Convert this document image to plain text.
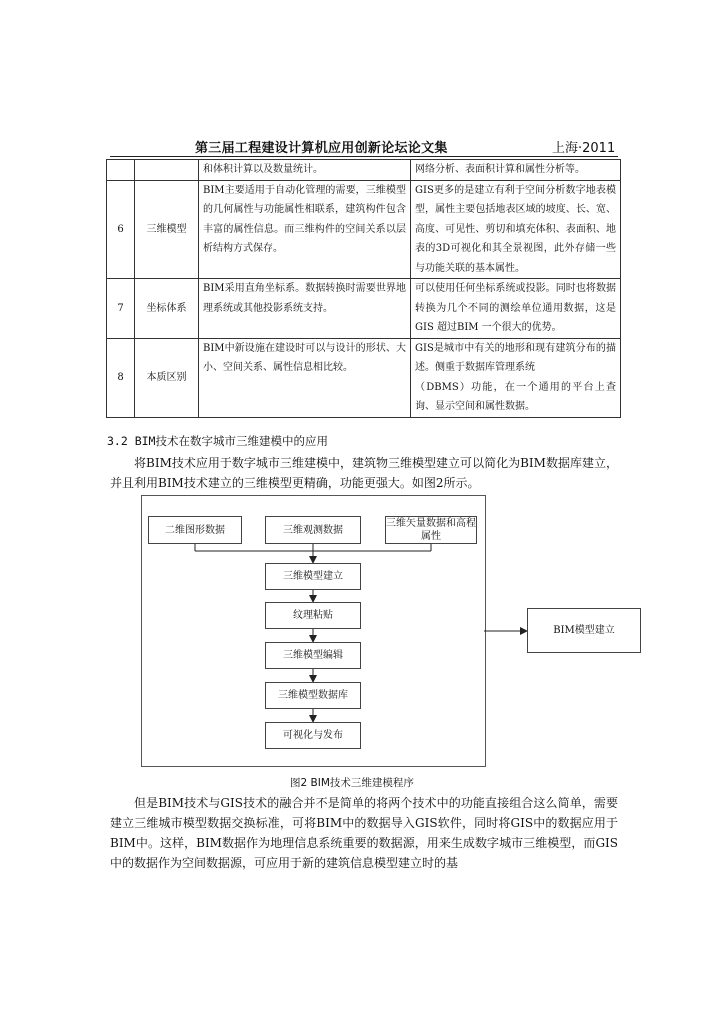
第三届工程建设计算机应用创新论坛论文集	上海·2011

		和体积计算以及数量统计。	网络分析、表面积计算和属性分析等。

6	三维模型	BIM主要适用于自动化管理的需要，三维模型的几何属性与功能属性相联系，建筑构件包含丰富的属性信息。而三维构件的空间关系以层析结构方式保存。	GIS更多的是建立有利于空间分析数字地表模型，属性主要包括地表区域的坡度、长、宽、高度、可见性、剪切和填充体积、表面积、地表的3D可视化和其全景视图，此外存储一些与功能关联的基本属性。

7	坐标体系	BIM采用直角坐标系。数据转换时需要世界地理系统或其他投影系统支持。	可以使用任何坐标系统或投影。同时也将数据转换为几个不同的测绘单位通用数据，这是 GIS 超过BIM 一个很大的优势。

8	本质区别	BIM中新设施在建设时可以与设计的形状、大小、空间关系、属性信息相比较。	GIS是城市中有关的地形和现有建筑分布的描述。侧重于数据库管理系统

（DBMS）功能，在一个通用的平台上查询、显示空间和属性数据。

3.2 BIM技术在数字城市三维建模中的应用

将BIM技术应用于数字城市三维建模中，建筑物三维模型建立可以简化为BIM数据库建立，并且利用BIM技术建立的三维模型更精确，功能更强大。如图2所示。

二维图形数据	三维观测数据
三维矢量数据和高程属性
三维模型建立
纹理粘贴
三维模型编辑
三维模型数据库
可视化与发布
BIM模型建立
图2 BIM技术三维建模程序

但是BIM技术与GIS技术的融合并不是简单的将两个技术中的功能直接组合这么简单，需要建立三维城市模型数据交换标准，可将BIM中的数据导入GIS软件，同时将GIS中的数据应用于BIM中。这样，BIM数据作为地理信息系统重要的数据源，用来生成数字城市三维模型，而GIS中的数据作为空间数据源，可应用于新的建筑信息模型建立时的基
